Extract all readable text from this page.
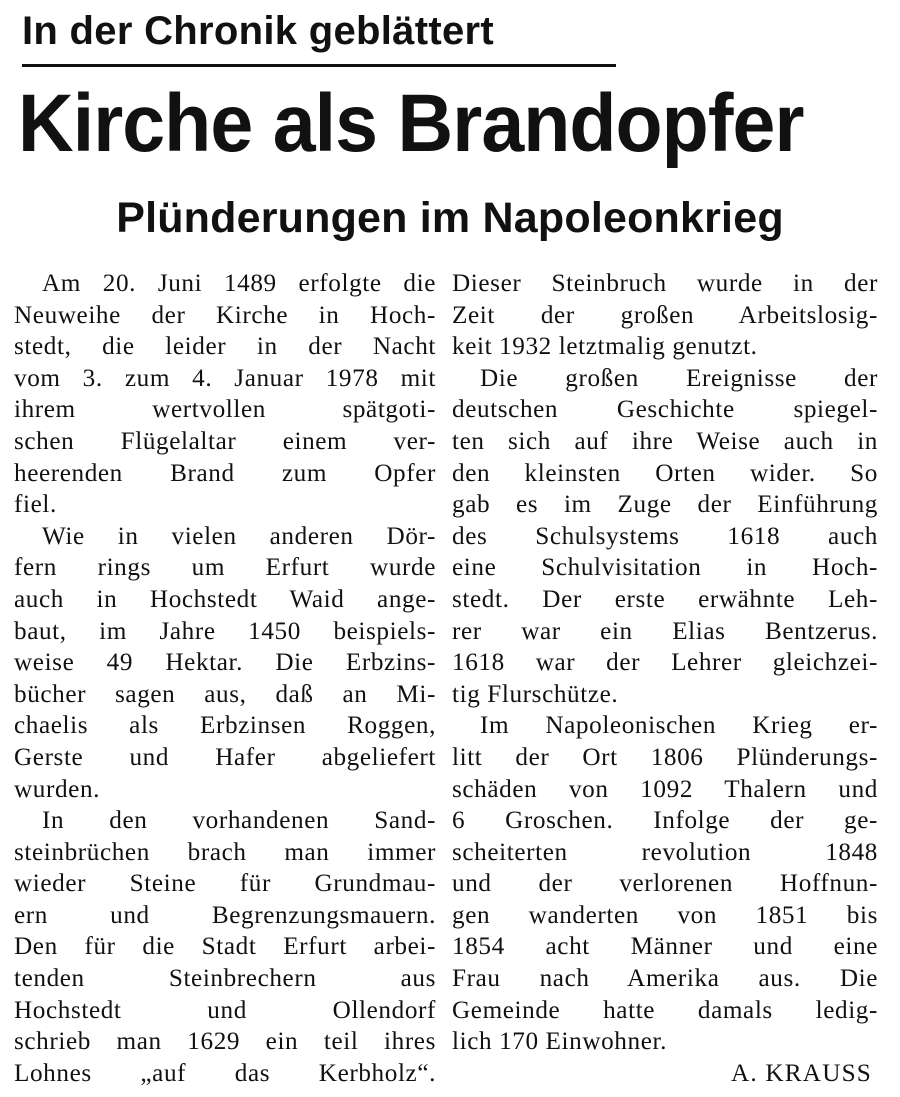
In der Chronik geblättert
Kirche als Brandopfer
Plünderungen im Napoleonkrieg
Am 20. Juni 1489 erfolgte die
Neuweihe der Kirche in Hoch-
stedt, die leider in der Nacht
vom 3. zum 4. Januar 1978 mit
ihrem wertvollen spätgoti-
schen Flügelaltar einem ver-
heerenden Brand zum Opfer
fiel.
Wie in vielen anderen Dör-
fern rings um Erfurt wurde
auch in Hochstedt Waid ange-
baut, im Jahre 1450 beispiels-
weise 49 Hektar. Die Erbzins-
bücher sagen aus, daß an Mi-
chaelis als Erbzinsen Roggen,
Gerste und Hafer abgeliefert
wurden.
In den vorhandenen Sand-
steinbrüchen brach man immer
wieder Steine für Grundmau-
ern und Begrenzungsmauern.
Den für die Stadt Erfurt arbei-
tenden Steinbrechern aus
Hochstedt und Ollendorf
schrieb man 1629 ein teil ihres
Lohnes „auf das Kerbholz“.
Dieser Steinbruch wurde in der
Zeit der großen Arbeitslosig-
keit 1932 letztmalig genutzt.
Die großen Ereignisse der
deutschen Geschichte spiegel-
ten sich auf ihre Weise auch in
den kleinsten Orten wider. So
gab es im Zuge der Einführung
des Schulsystems 1618 auch
eine Schulvisitation in Hoch-
stedt. Der erste erwähnte Leh-
rer war ein Elias Bentzerus.
1618 war der Lehrer gleichzei-
tig Flurschütze.
Im Napoleonischen Krieg er-
litt der Ort 1806 Plünderungs-
schäden von 1092 Thalern und
6 Groschen. Infolge der ge-
scheiterten revolution 1848
und der verlorenen Hoffnun-
gen wanderten von 1851 bis
1854 acht Männer und eine
Frau nach Amerika aus. Die
Gemeinde hatte damals ledig-
lich 170 Einwohner.
A. KRAUSS
